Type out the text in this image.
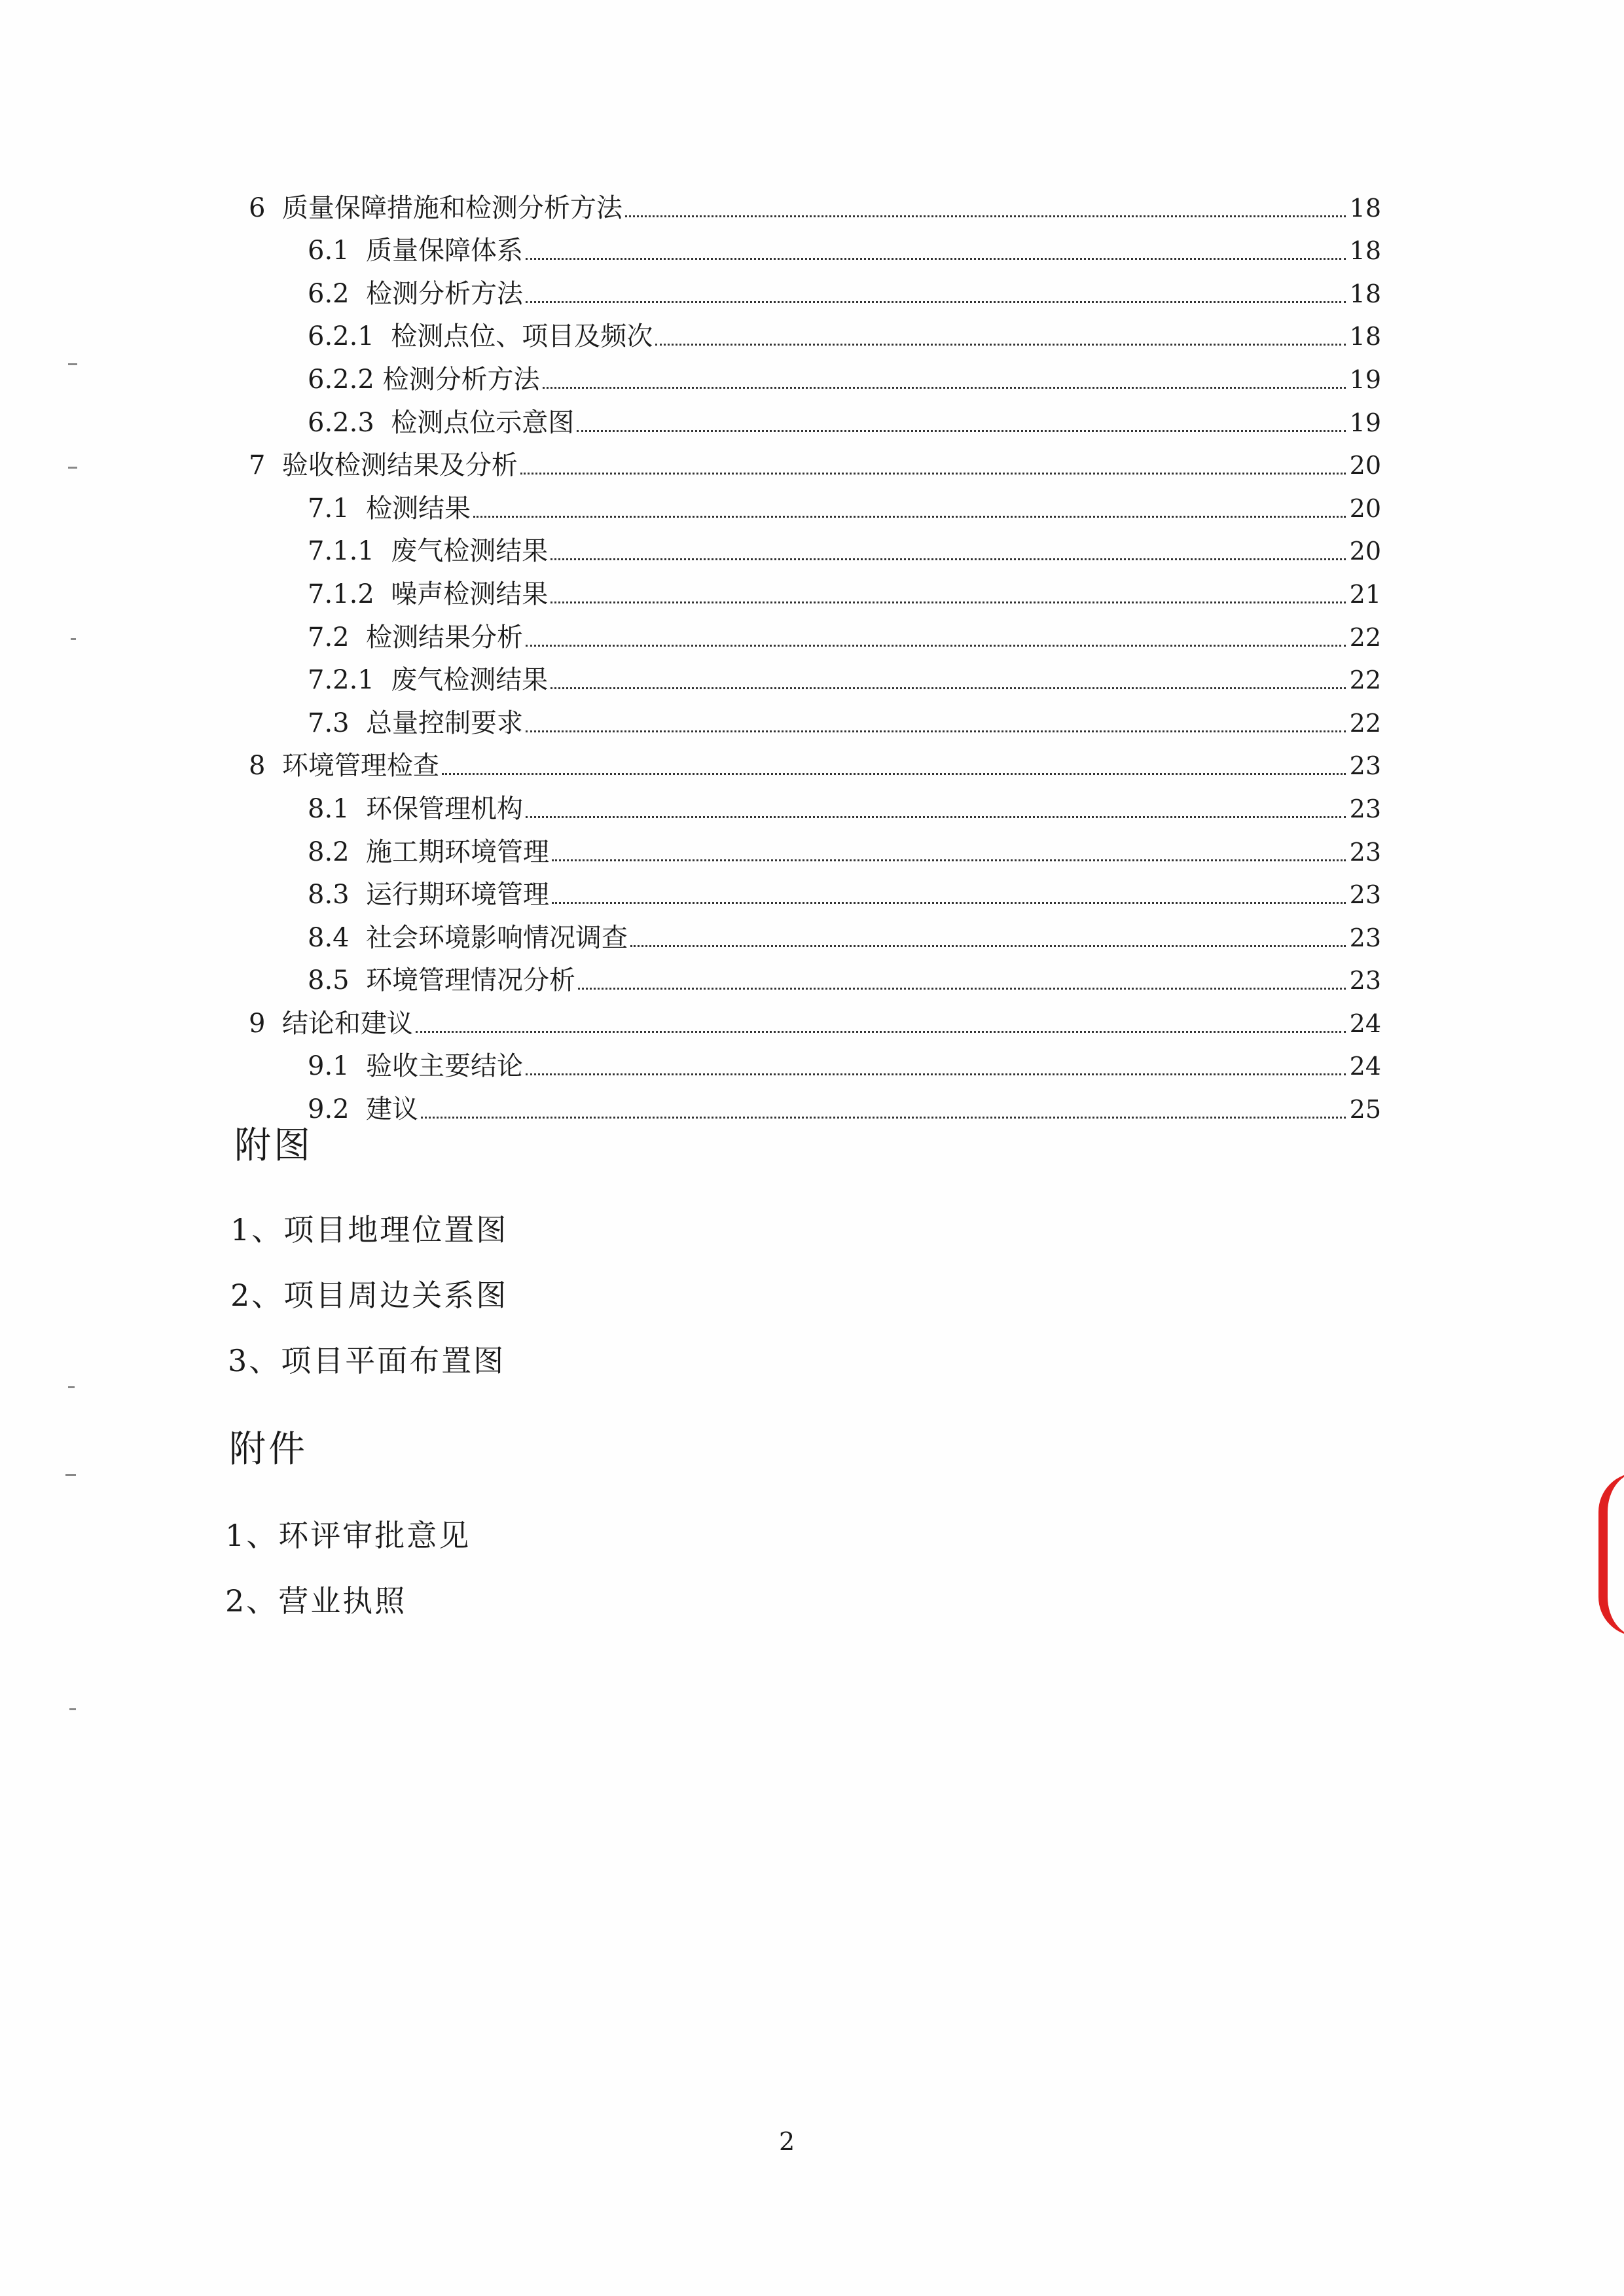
6 质量保障措施和检测分析方法	18
6.1 质量保障体系	18
6.2 检测分析方法	18
6.2.1 检测点位、项目及频次	18
6.2.2 检测分析方法	19
6.2.3 检测点位示意图	19
7 验收检测结果及分析	20
7.1 检测结果	20
7.1.1 废气检测结果	20
7.1.2 噪声检测结果	21
7.2 检测结果分析	22
7.2.1 废气检测结果	22
7.3 总量控制要求	22
8 环境管理检查	23
8.1 环保管理机构	23
8.2 施工期环境管理	23
8.3 运行期环境管理	23
8.4 社会环境影响情况调查	23
8.5 环境管理情况分析	23
9 结论和建议	24
9.1 验收主要结论	24
9.2 建议	25
附图
1、项目地理位置图
2、项目周边关系图
3、项目平面布置图
附件
1、环评审批意见
2、营业执照
2
